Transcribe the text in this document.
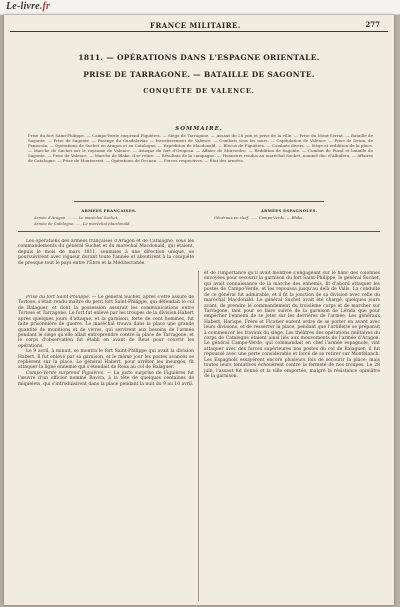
Le-livre.fr
FRANCE MILITAIRE.	277
1811. — OPÉRATIONS DANS L'ESPAGNE ORIENTALE.
PRISE DE TARRAGONE. — BATAILLE DE SAGONTE.
CONQUÊTE DE VALENCE.
SOMMAIRE.
Prise du fort Saint-Philippe. — Campo-Verde surprend Figuières. — Siège de Tarragone. — Assaut du 28 juin et prise de la ville. — Prise du Mont-Serrat. — Bataille de Sagonte. — Prise de Sagonte. — Passage du Guadalaviar. — Investissement de Valence. — Combats sous les murs. — Capitulation de Valence. — Prise de Denia, de Peniscola. — Opérations de Suchet en Aragon et en Catalogne. — Expédition de Macdonald. — Blocus de Figuières. — Combats divers. — Siège et reddition de la place. — Marche de Suchet sur le royaume de Valence. — Attaque du fort d'Oropesa. — Affaire de Murviedro. — Reddition de Sagonte. — Combat de Puzol et bataille de Sagonte. — Prise de Valence. — Marche de Blake, il se retire. — Résultats de la campagne. — Honneurs rendus au maréchal Suchet, nommé duc d'Albufera. — Affaires de Catalogne. — Prise de Montserrat. — Opérations de Decaen. — Forces respectives. — État des armées.
ARMÉES FRANÇAISES.
Armée d'Aragon. ........ Le maréchal Suchet.
Armée de Catalogne. ..... Le maréchal Macdonald.
ARMÉES ESPAGNOLES.
Généraux en chef. ...... Campo-Verde. — Blake.

Les opérations des armées françaises d'Aragon et de Catalogne, sous les commandements du général Suchet et du maréchal Macdonald, qui étaient, depuis le mois de mars 1811, soumises à une direction unique, se poursuivirent avec vigueur durant toute l'année et aboutirent à la conquête de presque tout le pays entre l'Èbre et la Méditerranée.

Prise du fort Saint-Philippe. — Le général Suchet, après s'être assuré de Tortose, s'était rendu maître du petit fort Saint-Philippe, qui défendait le col de Balaguer, et dont la possession assurait les communications entre Tortose et Tarragone. Le fort fut enlevé par les troupes de la division Habert après quelques jours d'attaque, et la garnison, forte de cent hommes, fut faite prisonnière de guerre. Le maréchal trouva dans la place une grande quantité de munitions et de vivres, qui servirent aux besoins de l'armée pendant le siège qu'elle allait entreprendre contre la place de Tarragone, et le corps d'observation fut établi en avant de Reus pour couvrir les opérations.

Le 9 avril, à minuit, se montra le fort Saint-Philippe qui avait la division Habert. Il fut enlevé par sa garnison, et le même jour les postes avancés se replièrent sur la place. Le général Habert, pour arrêter les insurgés, fit attaquer la ligne ennemie qui s'étendait de Reus au col de Balaguer.

Campo-Verde surprend Figuières. — La juste surprise de Figuières fut l'œuvre d'un officier nommé Rovira, à la tête de quelques centaines de miquelets, qui s'introduisirent dans la place pendant la nuit du 9 au 10 avril.

et de l'importance qu'il avait montrée s'engageant sur le flanc des colonnes envoyées pour secourir la garnison du fort Saint-Philippe, le général Suchet, qui avait connaissance de la marche des ennemis, fit d'abord attaquer les postes de Campo-Verde, et les repoussa jusqu'au delà de Valls. La conduite de ce général fut admirable, et il fit la jonction de sa division avec celle du maréchal Macdonald. Le général Suchet avait été chargé, quelques jours avant, de prendre le commandement du troisième corps et de marcher sur Tarragone, tant pour se faire suivre de la garnison de Lérida que pour empêcher l'ennemi de se jeter sur les derrières de l'armée. Les généraux Habert, Harispe, Frère et Ficatier eurent ordre de se porter en avant avec leurs divisions, et de resserrer la place, pendant que l'artillerie se préparait à commencer les travaux du siège. Les théâtres des opérations militaires du corps de Catalogne étaient ainsi liés aux mouvements de l'armée d'Aragon. Le général Campo-Verde, qui commandait en chef l'armée espagnole, vint attaquer avec des forces supérieures nos postes du col de Balaguer; il fut repoussé avec une perte considérable et forcé de se retirer sur Montblanch. Les Espagnols essayèrent encore plusieurs fois de secourir la place; mais toutes leurs tentatives échouèrent contre la fermeté de nos troupes. Le 28 juin, l'assaut fut donné et la ville emportée, malgré la résistance opiniâtre de la garnison.
